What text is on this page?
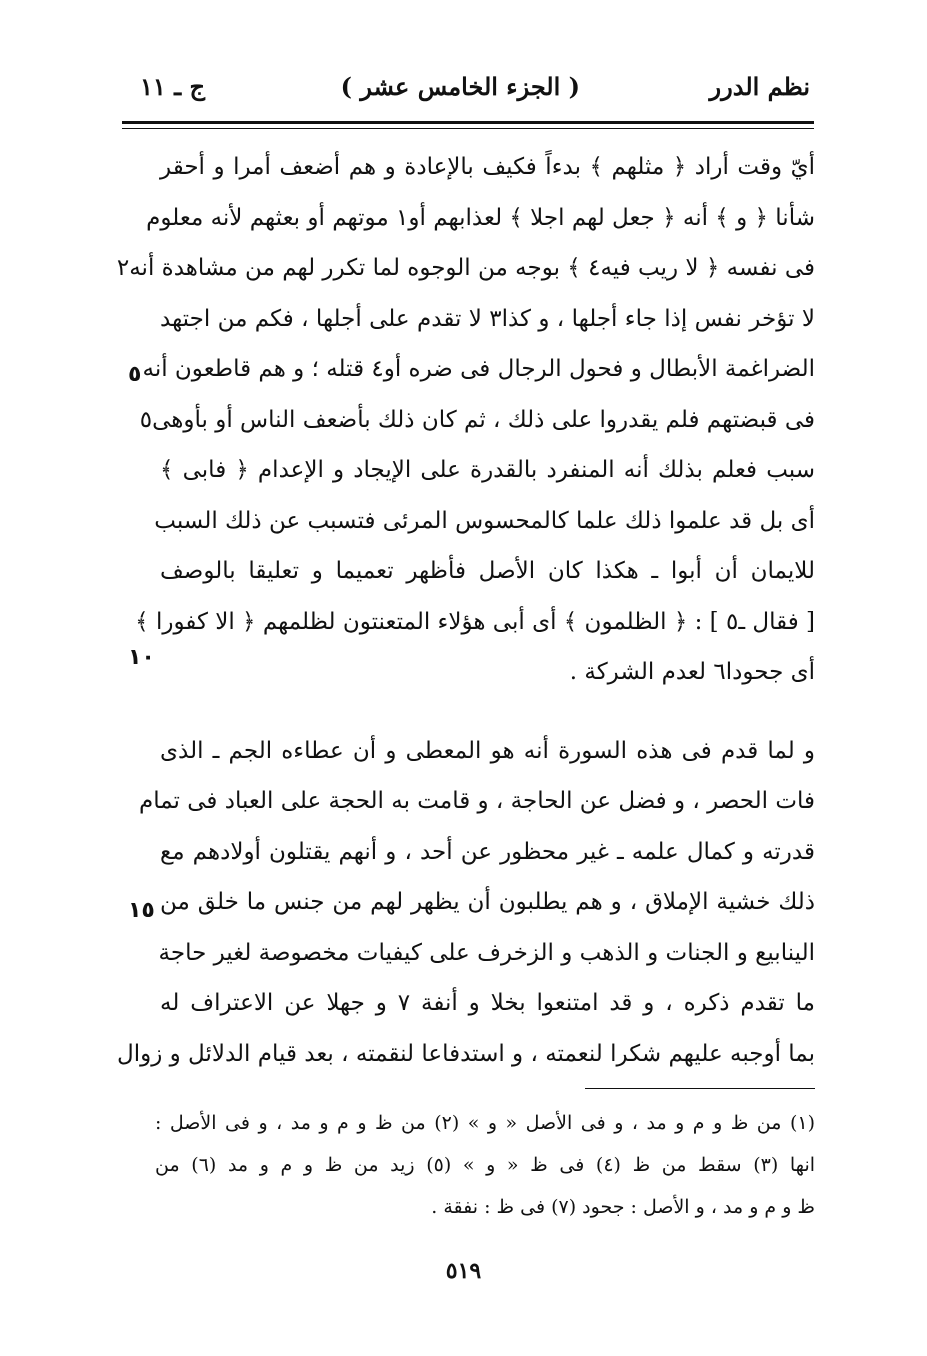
نظم الدرر
( الجزء الخامس عشر )
ج ـ ١١
أيّ وقت أراد ﴿ مثلهم ﴾ بدءاً فكيف بالإعادة و هم أضعف أمرا و أحقر
شأنا ﴿ و ﴾ أنه ﴿ جعل لهم اجلا ﴾ لعذابهم أو١ موتهم أو بعثهم لأنه معلوم
فى نفسه ﴿ لا ريب فيه٤ ﴾ بوجه من الوجوه لما تكرر لهم من مشاهدة أنه٢
لا تؤخر نفس إذا جاء أجلها ، و كذا٣ لا تقدم على أجلها ، فكم من اجتهد
الضراغمة الأبطال و فحول الرجال فى ضره أو٤ قتله ؛ و هم قاطعون أنه
فى قبضتهم فلم يقدروا على ذلك ، ثم كان ذلك بأضعف الناس أو بأوهى٥
سبب فعلم بذلك أنه المنفرد بالقدرة على الإيجاد و الإعدام ﴿ فابى ﴾
أى بل قد علموا ذلك علما كالمحسوس المرئى فتسبب عن ذلك السبب
للايمان أن أبوا ـ هكذا كان الأصل فأظهر تعميما و تعليقا بالوصف
[ فقال ـ٥ ] : ﴿ الظلمون ﴾ أى أبى هؤلاء المتعنتون لظلمهم ﴿ الا كفورا ﴾
أى جحودا٦ لعدم الشركة .
و لما قدم فى هذه السورة أنه هو المعطى و أن عطاءه الجم ـ الذى
فات الحصر ، و فضل عن الحاجة ، و قامت به الحجة على العباد فى تمام
قدرته و كمال علمه ـ غير محظور عن أحد ، و أنهم يقتلون أولادهم مع
ذلك خشية الإملاق ، و هم يطلبون أن يظهر لهم من جنس ما خلق من
الينابيع و الجنات و الذهب و الزخرف على كيفيات مخصوصة لغير حاجة
ما تقدم ذكره ، و قد امتنعوا بخلا و أنفة ٧ و جهلا عن الاعتراف له
بما أوجبه عليهم شكرا لنعمته ، و استدفاعا لنقمته ، بعد قيام الدلائل و زوال
٥
١٠
١٥
(١) من ظ و م و مد ، و فى الأصل « و » (٢) من ظ و م و مد ، و فى الأصل :
انها (٣) سقط من ظ (٤) فى ظ « و » (٥) زيد من ظ و م و مد (٦) من
ظ و م و مد ، و الأصل : جحود (٧) فى ظ : نفقة .
٥١٩
